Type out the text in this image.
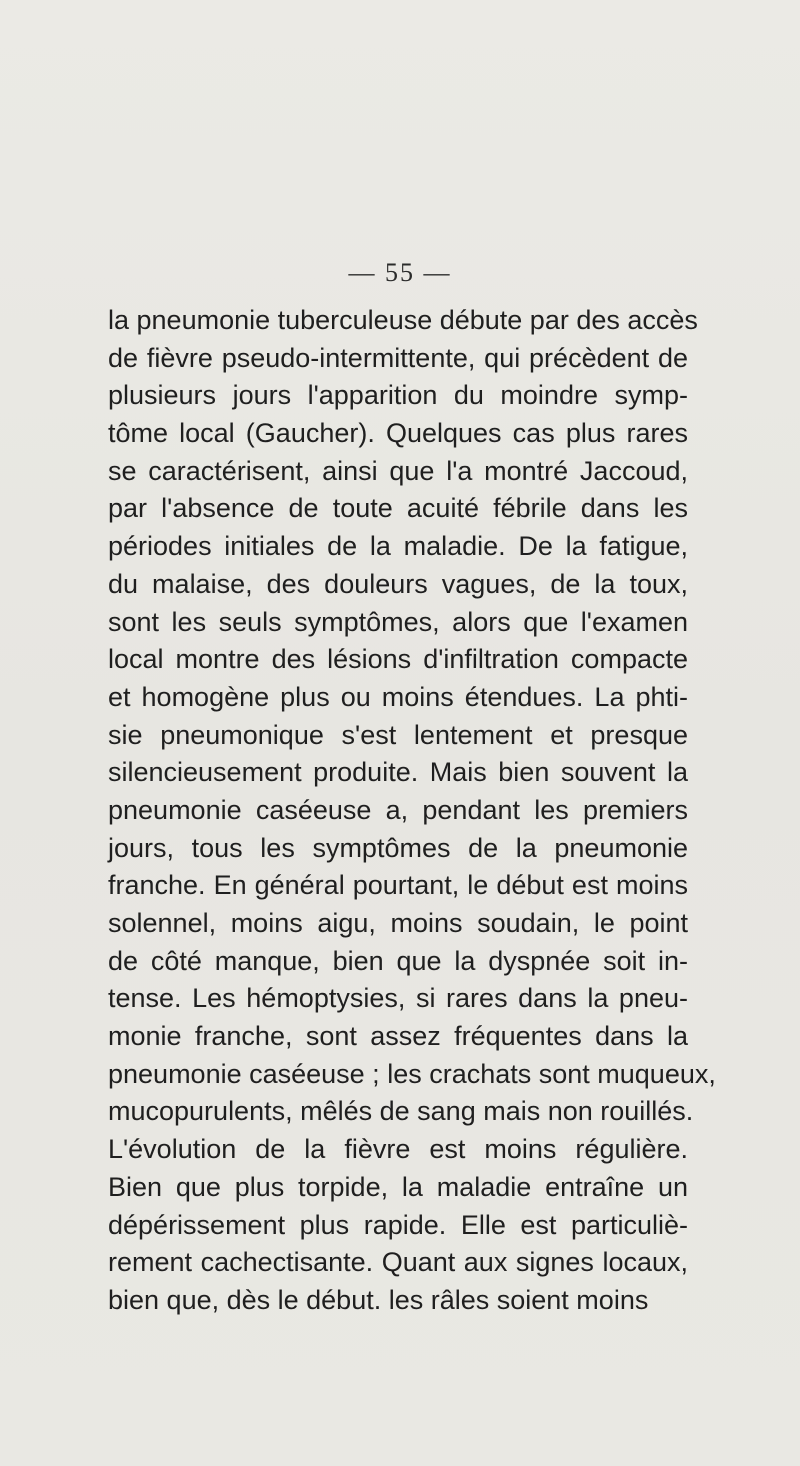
— 55 —
la pneumonie tuberculeuse débute par des accès
de fièvre pseudo-intermittente, qui précèdent de
plusieurs jours l'apparition du moindre symp-
tôme local (Gaucher). Quelques cas plus rares
se caractérisent, ainsi que l'a montré Jaccoud,
par l'absence de toute acuité fébrile dans les
périodes initiales de la maladie. De la fatigue,
du malaise, des douleurs vagues, de la toux,
sont les seuls symptômes, alors que l'examen
local montre des lésions d'infiltration compacte
et homogène plus ou moins étendues. La phti-
sie pneumonique s'est lentement et presque
silencieusement produite. Mais bien souvent la
pneumonie caséeuse a, pendant les premiers
jours, tous les symptômes de la pneumonie
franche. En général pourtant, le début est moins
solennel, moins aigu, moins soudain, le point
de côté manque, bien que la dyspnée soit in-
tense. Les hémoptysies, si rares dans la pneu-
monie franche, sont assez fréquentes dans la
pneumonie caséeuse ; les crachats sont muqueux,
mucopurulents, mêlés de sang mais non rouillés.
L'évolution de la fièvre est moins régulière.
Bien que plus torpide, la maladie entraîne un
dépérissement plus rapide. Elle est particuliè-
rement cachectisante. Quant aux signes locaux,
bien que, dès le début. les râles soient moins
